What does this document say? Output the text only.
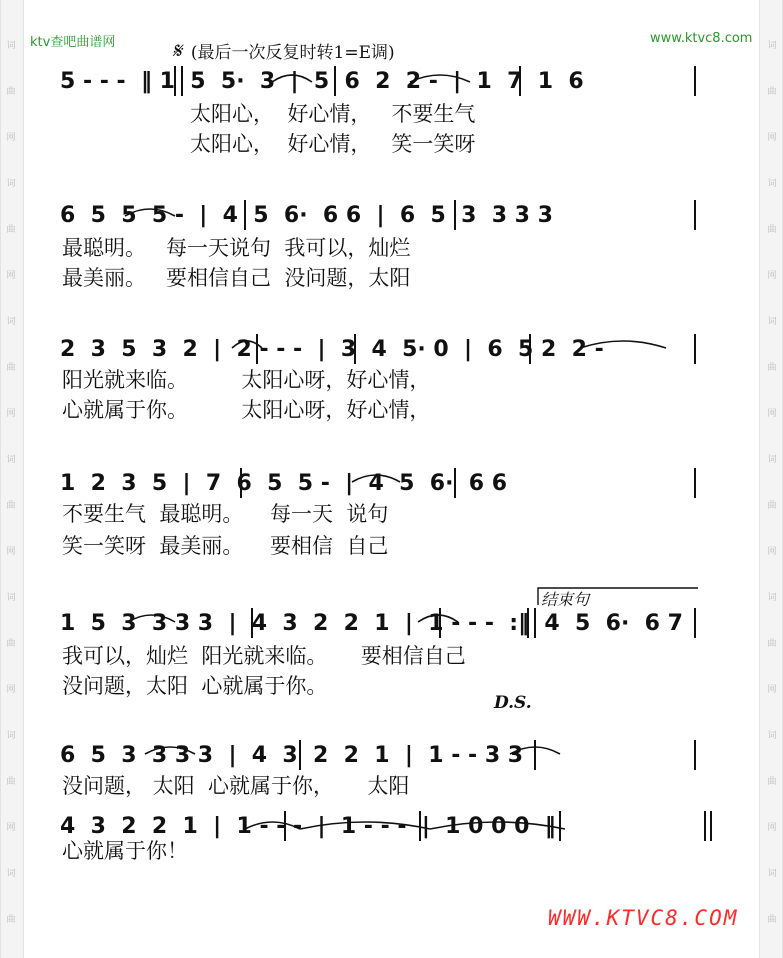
词
曲
网
词
曲
网
词
曲
网
词
曲
网
词
曲
网
词
曲
网
词
曲
词
曲
网
词
曲
网
词
曲
网
词
曲
网
词
曲
网
词
曲
网
词
曲
ktv查吧曲谱网	www.ktvc8.com
𝄋 (最后一次反复时转1=E调)
5 - - -  ‖ 1  5  5·  3  |  5  6  2  2 -  |  1  7  1  6
6  5  5  5 -  |  4  5  6·  6 6  |  6  5  3  3 3 3
2  3  5  3  2  |  2 - - -  |  3  4  5· 0  |  6  5 2  2 -
1  2  3  5  |  7  6  5  5 -  |  4  5  6·  6 6
1  5  3  3 3 3  |  4  3  2  2  1  |  1 - - -  :‖  4  5  6·  6 7
6  5  3  3 3 3  |  4  3  2  2  1  |  1 - - 3 3
4  3  2  2  1  |  1 - - -  |  1 - - -  |  1 0 0 0  ‖
结束句
D.S.
太阳心，  好心情，   不要生气
太阳心，  好心情，   笑一笑呀
最聪明。   每一天说句  我可以，灿烂
最美丽。   要相信自己  没问题，太阳
阳光就来临。        太阳心呀，好心情，
心就属于你。        太阳心呀，好心情，
不要生气  最聪明。    每一天  说句
笑一笑呀  最美丽。    要相信  自己
我可以，灿烂  阳光就来临。     要相信自己
没问题，太阳  心就属于你。
没问题， 太阳  心就属于你，     太阳
心就属于你！
WWW.KTVC8.COM
